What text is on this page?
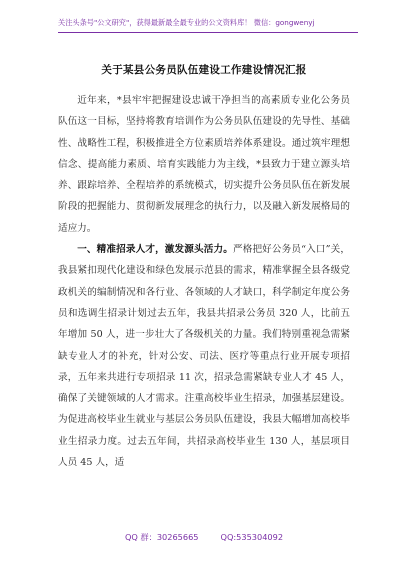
关注头条号"公文研究"，获得最新最全最专业的公文资料库！ 微信：gongwenyj
关于某县公务员队伍建设工作建设情况汇报

近年来，*县牢牢把握建设忠诚干净担当的高素质专业化公务员队伍这一目标，坚持将教育培训作为公务员队伍建设的先导性、基础性、战略性工程，积极推进全方位素质培养体系建设。通过筑牢理想信念、提高能力素质、培育实践能力为主线，*县致力于建立源头培养、跟踪培养、全程培养的系统模式，切实提升公务员队伍在新发展阶段的把握能力、贯彻新发展理念的执行力，以及融入新发展格局的适应力。

一、精准招录人才，激发源头活力。严格把好公务员“入口”关，我县紧扣现代化建设和绿色发展示范县的需求，精准掌握全县各级党政机关的编制情况和各行业、各领域的人才缺口，科学制定年度公务员和选调生招录计划过去五年，我县共招录公务员 320 人，比前五年增加 50 人，进一步壮大了各级机关的力量。我们特别重视急需紧缺专业人才的补充，针对公安、司法、医疗等重点行业开展专项招录，五年来共进行专项招录 11 次，招录急需紧缺专业人才 45 人，确保了关键领域的人才需求。注重高校毕业生招录，加强基层建设。为促进高校毕业生就业与基层公务员队伍建设，我县大幅增加高校毕业生招录力度。过去五年间，共招录高校毕业生 130 人，基层项目人员 45 人，适

QQ 群：30265665	QQ:535304092
